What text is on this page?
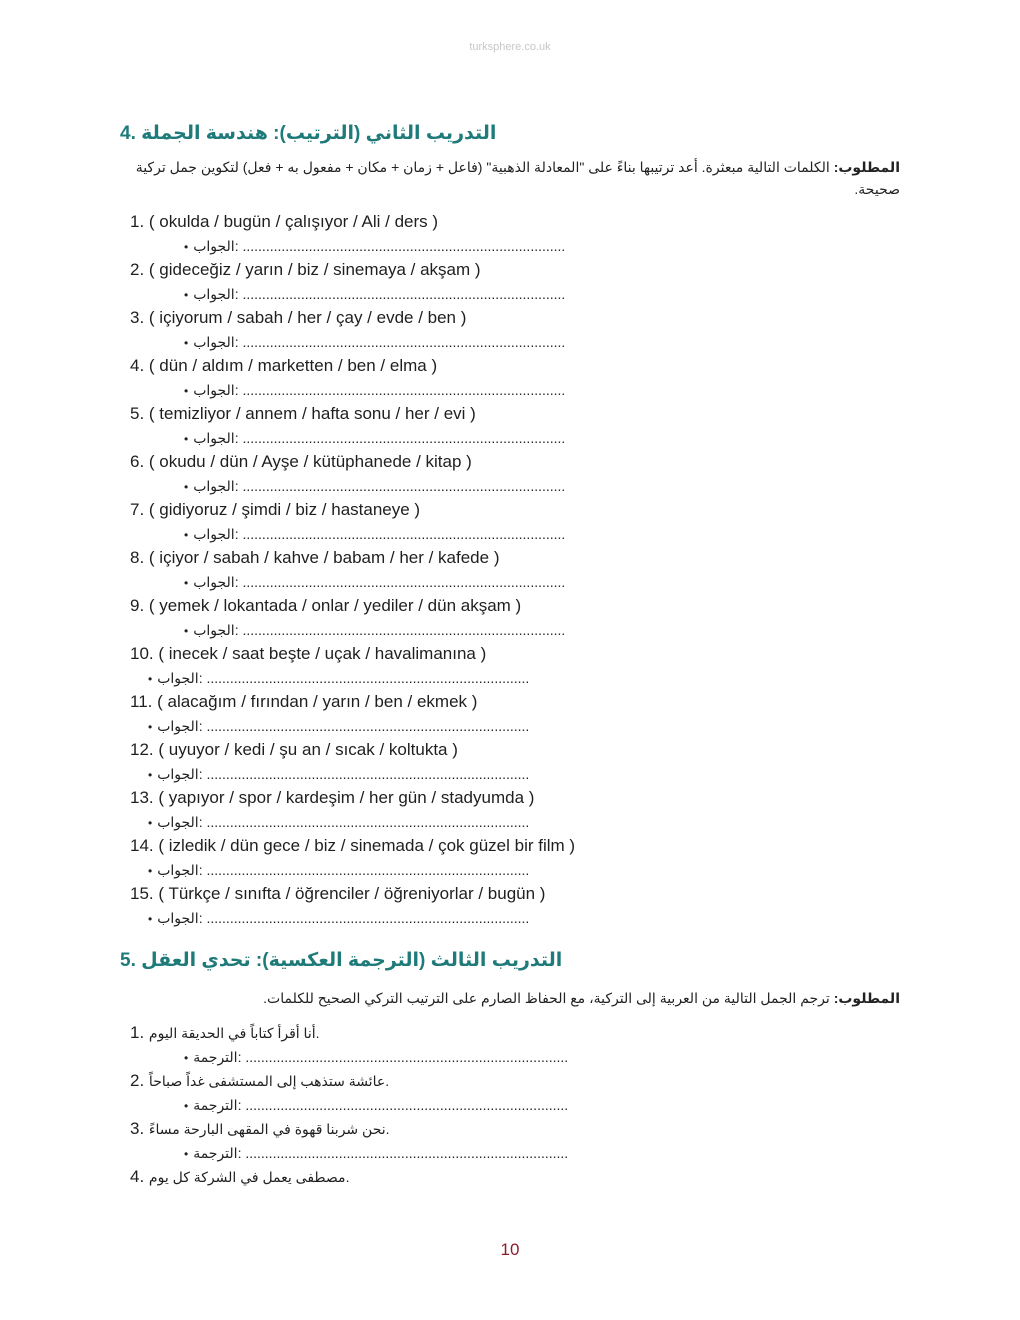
turksphere.co.uk
التدريب الثاني (الترتيب): هندسة الجملة .4
المطلوب: الكلمات التالية مبعثرة. أعد ترتيبها بناءً على "المعادلة الذهبية" (فاعل + زمان + مكان + مفعول به + فعل) لتكوين جمل تركية صحيحة.
1. ( okulda / bugün / çalışıyor / Ali / ders )
• الجواب: ...................................................................................
2. ( gideceğiz / yarın / biz / sinemaya / akşam )
• الجواب: ...................................................................................
3. ( içiyorum / sabah / her / çay / evde / ben )
• الجواب: ...................................................................................
4. ( dün / aldım / marketten / ben / elma )
• الجواب: ...................................................................................
5. ( temizliyor / annem / hafta sonu / her / evi )
• الجواب: ...................................................................................
6. ( okudu / dün / Ayşe / kütüphanede / kitap )
• الجواب: ...................................................................................
7. ( gidiyoruz / şimdi / biz / hastaneye )
• الجواب: ...................................................................................
8. ( içiyor / sabah / kahve / babam / her / kafede )
• الجواب: ...................................................................................
9. ( yemek / lokantada / onlar / yediler / dün akşam )
• الجواب: ...................................................................................
10. ( inecek / saat beşte / uçak / havalimanına )
• الجواب: ...................................................................................
11. ( alacağım / fırından / yarın / ben / ekmek )
• الجواب: ...................................................................................
12. ( uyuyor / kedi / şu an / sıcak / koltukta )
• الجواب: ...................................................................................
13. ( yapıyor / spor / kardeşim / her gün / stadyumda )
• الجواب: ...................................................................................
14. ( izledik / dün gece / biz / sinemada / çok güzel bir film )
• الجواب: ...................................................................................
15. ( Türkçe / sınıfta / öğrenciler / öğreniyorlar / bugün )
• الجواب: ...................................................................................
التدريب الثالث (الترجمة العكسية): تحدي العقل .5
المطلوب: ترجم الجمل التالية من العربية إلى التركية، مع الحفاظ الصارم على الترتيب التركي الصحيح للكلمات.
1. أنا أقرأ كتاباً في الحديقة اليوم.
• الترجمة: ...................................................................................
2. عائشة ستذهب إلى المستشفى غداً صباحاً.
• الترجمة: ...................................................................................
3. نحن شربنا قهوة في المقهى البارحة مساءً.
• الترجمة: ...................................................................................
4. مصطفى يعمل في الشركة كل يوم.
10
